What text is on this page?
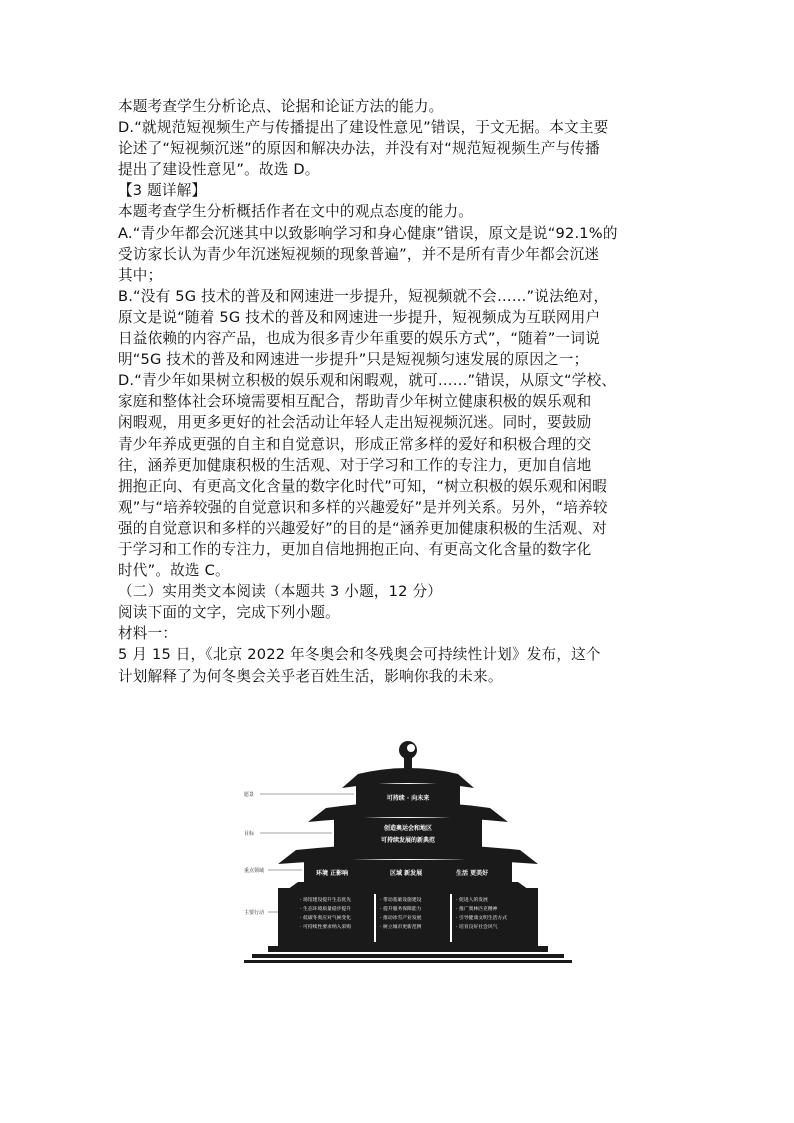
本题考查学生分析论点、论据和论证方法的能力。
D.“就规范短视频生产与传播提出了建设性意见”错误，于文无据。本文主要
论述了“短视频沉迷”的原因和解决办法，并没有对“规范短视频生产与传播
提出了建设性意见”。故选 D。
【3 题详解】
本题考查学生分析概括作者在文中的观点态度的能力。
A.“青少年都会沉迷其中以致影响学习和身心健康”错误，原文是说“92.1%的
受访家长认为青少年沉迷短视频的现象普遍”，并不是所有青少年都会沉迷
其中；
B.“没有 5G 技术的普及和网速进一步提升，短视频就不会……”说法绝对，
原文是说“随着 5G 技术的普及和网速进一步提升，短视频成为互联网用户
日益依赖的内容产品，也成为很多青少年重要的娱乐方式”，“随着”一词说
明“5G 技术的普及和网速进一步提升”只是短视频匀速发展的原因之一；
D.“青少年如果树立积极的娱乐观和闲暇观，就可……”错误，从原文“学校、
家庭和整体社会环境需要相互配合，帮助青少年树立健康积极的娱乐观和
闲暇观，用更多更好的社会活动让年轻人走出短视频沉迷。同时，要鼓励
青少年养成更强的自主和自觉意识，形成正常多样的爱好和积极合理的交
往，涵养更加健康积极的生活观、对于学习和工作的专注力，更加自信地
拥抱正向、有更高文化含量的数字化时代”可知，“树立积极的娱乐观和闲暇
观”与“培养较强的自觉意识和多样的兴趣爱好”是并列关系。另外，“培养较
强的自觉意识和多样的兴趣爱好”的目的是“涵养更加健康积极的生活观、对
于学习和工作的专注力，更加自信地拥抱正向、有更高文化含量的数字化
时代”。故选 C。
（二）实用类文本阅读（本题共 3 小题，12 分）
阅读下面的文字，完成下列小题。
材料一：
5 月 15 日，《北京 2022 年冬奥会和冬残奥会可持续性计划》发布，这个
计划解释了为何冬奥会关乎老百姓生活，影响你我的未来。
愿景
目标
重点领域
主要行动
可持续 · 向未来
创造奥运会和地区
可持续发展的新典范
环境 正影响	区域 新发展	生活 更美好
· 场馆建设提升生态优先
· 生态环境质量稳步提升
· 低碳冬奥应对气候变化
· 可持续性要求纳入采购
· 带动基础设施建设
· 提升服务保障能力
· 推动冰雪产业发展
· 树立城市更新范例
· 促进人的发展
· 推广奥林匹克精神
· 引导健康文明生活方式
· 培育良好社会风气
